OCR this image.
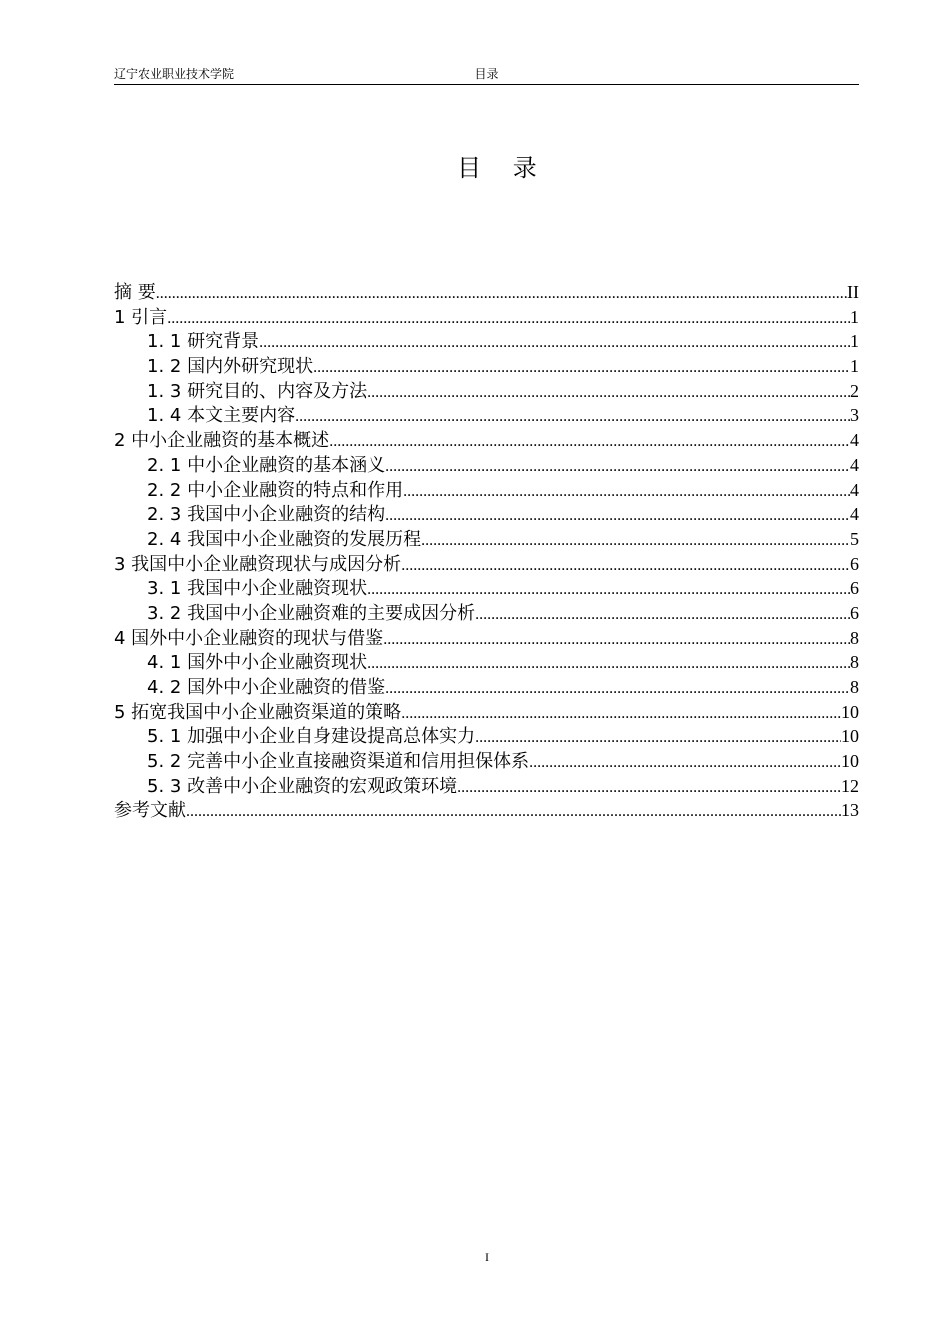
辽宁农业职业技术学院	目录
目 录
摘 要 .....	II
1 引言 .....	1
1. 1 研究背景 .....	1
1. 2 国内外研究现状 .....	1
1. 3 研究目的、内容及方法 .....	2
1. 4 本文主要内容 .....	3
2 中小企业融资的基本概述 .....	4
2. 1 中小企业融资的基本涵义 .....	4
2. 2 中小企业融资的特点和作用 .....	4
2. 3 我国中小企业融资的结构 .....	4
2. 4 我国中小企业融资的发展历程 .....	5
3 我国中小企业融资现状与成因分析 .....	6
3. 1 我国中小企业融资现状 .....	6
3. 2 我国中小企业融资难的主要成因分析 .....	6
4 国外中小企业融资的现状与借鉴 .....	8
4. 1 国外中小企业融资现状 .....	8
4. 2 国外中小企业融资的借鉴 .....	8
5 拓宽我国中小企业融资渠道的策略 .....	10
5. 1 加强中小企业自身建设提高总体实力 .....	10
5. 2 完善中小企业直接融资渠道和信用担保体系 .....	10
5. 3 改善中小企业融资的宏观政策环境 .....	12
参考文献 .....	13
I
